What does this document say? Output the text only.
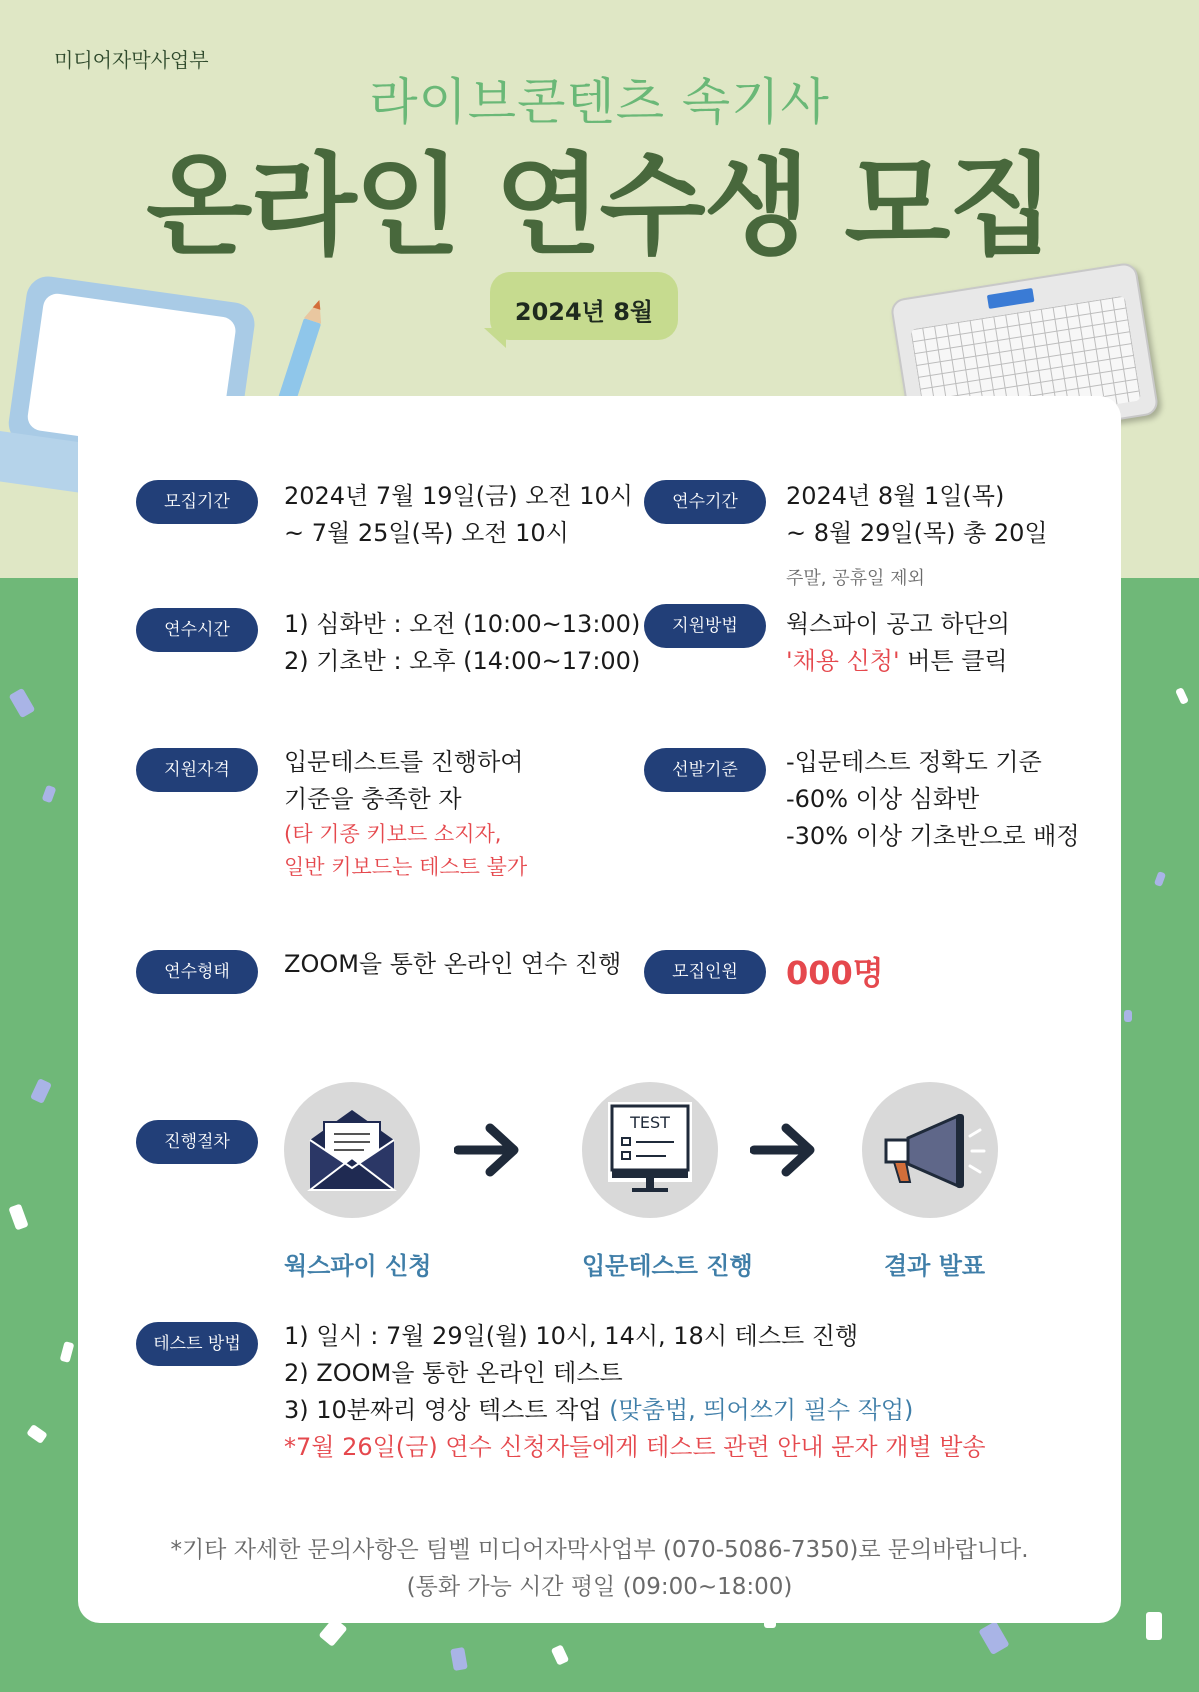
미디어자막사업부
라이브콘텐츠 속기사
온라인 연수생 모집
2024년 8월
모집기간	2024년 7월 19일(금) 오전 10시
~ 7월 25일(목) 오전 10시
연수기간	2024년 8월 1일(목)
~ 8월 29일(목) 총 20일
주말, 공휴일 제외
연수시간	1) 심화반 : 오전 (10:00~13:00)
2) 기초반 : 오후 (14:00~17:00)
지원방법	웍스파이 공고 하단의
'채용 신청' 버튼 클릭
지원자격	입문테스트를 진행하여
기준을 충족한 자
(타 기종 키보드 소지자,
일반 키보드는 테스트 불가
선발기준	-입문테스트 정확도 기준
-60% 이상 심화반
-30% 이상 기초반으로 배정
연수형태	ZOOM을 통한 온라인 연수 진행	모집인원	000명
진행절차
TEST
웍스파이 신청	입문테스트 진행	결과 발표
테스트 방법	1) 일시 : 7월 29일(월) 10시, 14시, 18시 테스트 진행
2) ZOOM을 통한 온라인 테스트
3) 10분짜리 영상 텍스트 작업 (맞춤법, 띄어쓰기 필수 작업)
*7월 26일(금) 연수 신청자들에게 테스트 관련 안내 문자 개별 발송
*기타 자세한 문의사항은 팀벨 미디어자막사업부 (070-5086-7350)로 문의바랍니다.
(통화 가능 시간 평일 (09:00~18:00)
